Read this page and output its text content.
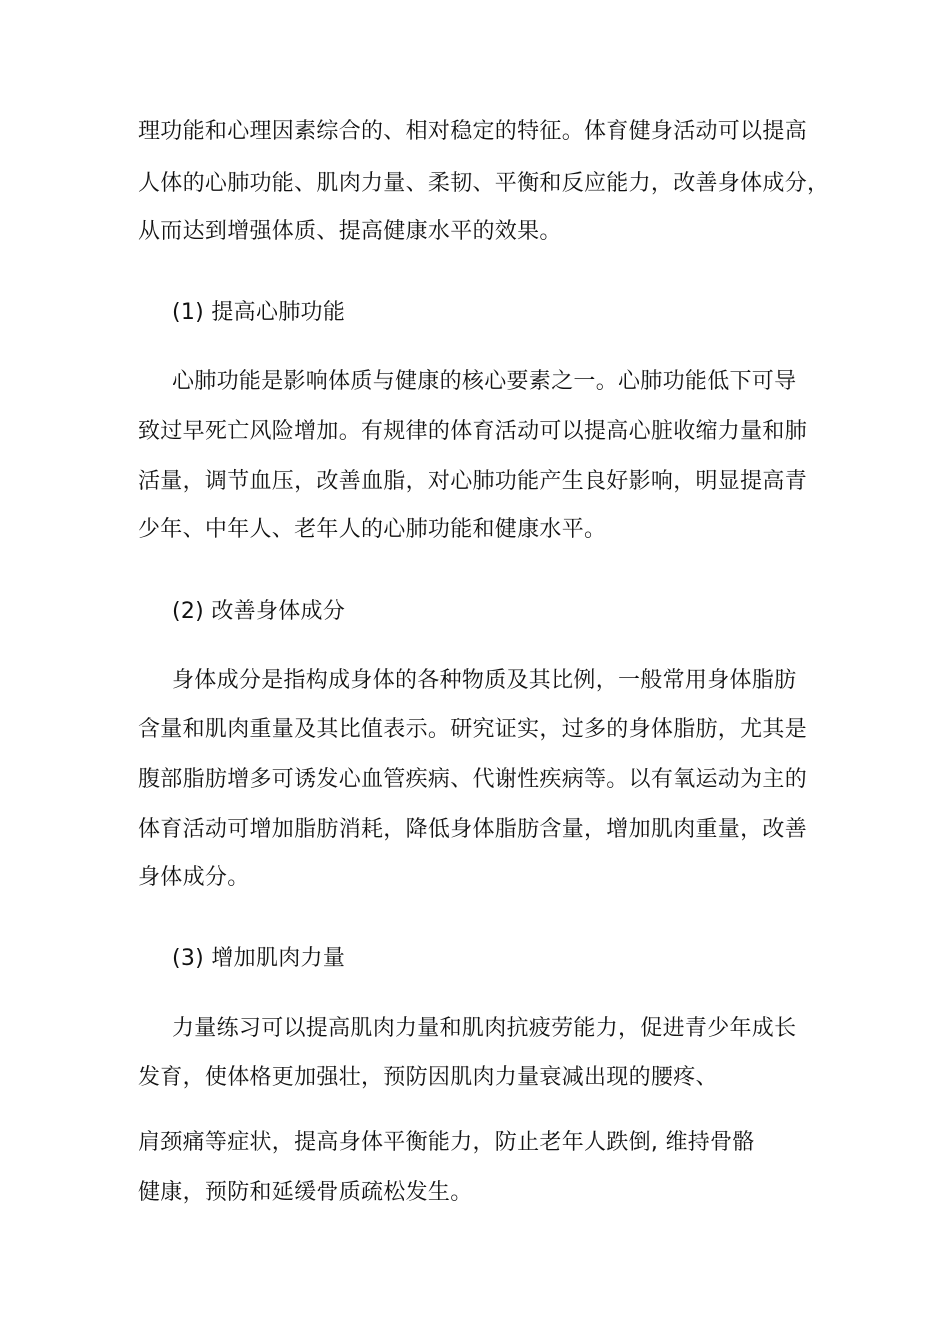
理功能和心理因素综合的、相对稳定的特征。体育健身活动可以提高
人体的心肺功能、肌肉力量、柔韧、平衡和反应能力，改善身体成分，
从而达到增强体质、提高健康水平的效果。
(1) 提高心肺功能
心肺功能是影响体质与健康的核心要素之一。心肺功能低下可导
致过早死亡风险增加。有规律的体育活动可以提高心脏收缩力量和肺
活量，调节血压，改善血脂，对心肺功能产生良好影响，明显提高青
少年、中年人、老年人的心肺功能和健康水平。
(2) 改善身体成分
身体成分是指构成身体的各种物质及其比例，一般常用身体脂肪
含量和肌肉重量及其比值表示。研究证实，过多的身体脂肪，尤其是
腹部脂肪增多可诱发心血管疾病、代谢性疾病等。以有氧运动为主的
体育活动可增加脂肪消耗，降低身体脂肪含量，增加肌肉重量，改善
身体成分。
(3) 增加肌肉力量
力量练习可以提高肌肉力量和肌肉抗疲劳能力，促进青少年成长
发育，使体格更加强壮，预防因肌肉力量衰减出现的腰疼、
肩颈痛等症状，提高身体平衡能力，防止老年人跌倒, 维持骨骼
健康，预防和延缓骨质疏松发生。
